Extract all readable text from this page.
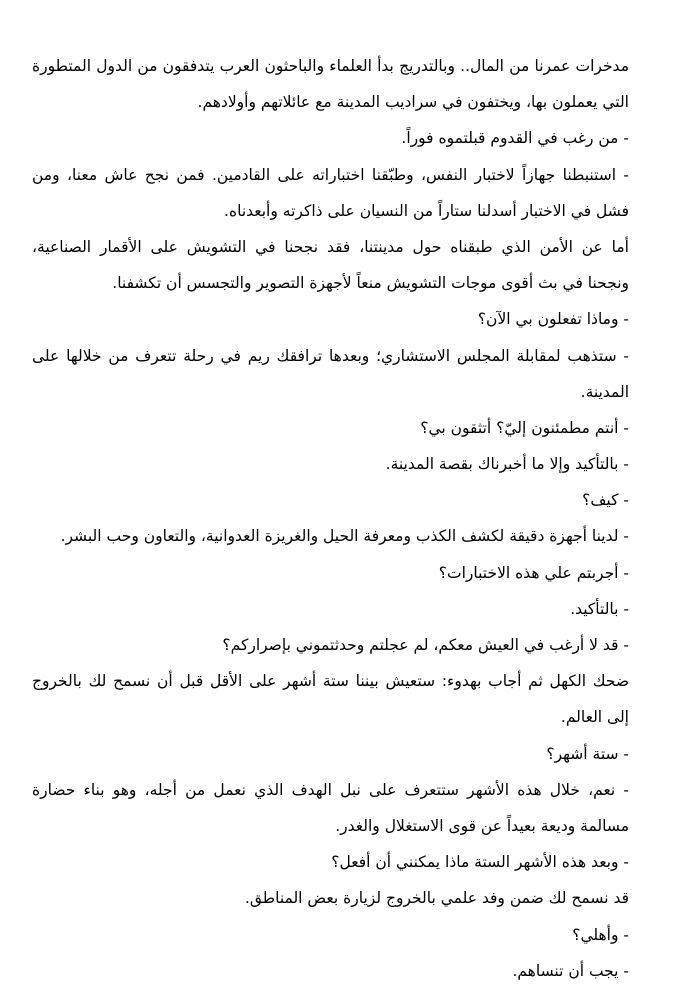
مدخرات عمرنا من المال.. وبالتدريج بدأ العلماء والباحثون العرب يتدفقون من الدول المتطورة
التي يعملون بها، ويختفون في سراديب المدينة مع عائلاتهم وأولادهم.
- من رغب في القدوم قبلتموه فوراً.
- استنبطنا جهازاً لاختبار النفس، وطبّقنا اختباراته على القادمين. فمن نجح عاش معنا، ومن
فشل في الاختبار أسدلنا ستاراً من النسيان على ذاكرته وأبعدناه.
أما عن الأمن الذي طبقناه حول مدينتنا، فقد نجحنا في التشويش على الأقمار الصناعية،
ونجحنا في بث أقوى موجات التشويش منعاً لأجهزة التصوير والتجسس أن تكشفنا.
- وماذا تفعلون بي الآن؟
- ستذهب لمقابلة المجلس الاستشاري؛ وبعدها ترافقك ريم في رحلة تتعرف من خلالها على
المدينة.
- أنتم مطمئنون إليّ؟ أتثقون بي؟
- بالتأكيد وإلا ما أخبرناك بقصة المدينة.
- كيف؟
- لدينا أجهزة دقيقة لكشف الكذب ومعرفة الحيل والغريزة العدوانية، والتعاون وحب البشر.
- أجربتم علي هذه الاختبارات؟
- بالتأكيد.
- قد لا أرغب في العيش معكم، لم عجلتم وحدثتموني بإصراركم؟
ضحك الكهل ثم أجاب بهدوء: ستعيش بيننا ستة أشهر على الأقل قبل أن نسمح لك بالخروج
إلى العالم.
- ستة أشهر؟
- نعم، خلال هذه الأشهر ستتعرف على نبل الهدف الذي نعمل من أجله، وهو بناء حضارة
مسالمة وديعة بعيداً عن قوى الاستغلال والغدر.
- وبعد هذه الأشهر الستة ماذا يمكنني أن أفعل؟
قد نسمح لك ضمن وفد علمي بالخروج لزيارة بعض المناطق.
- وأهلي؟
- يجب أن تنساهم.
